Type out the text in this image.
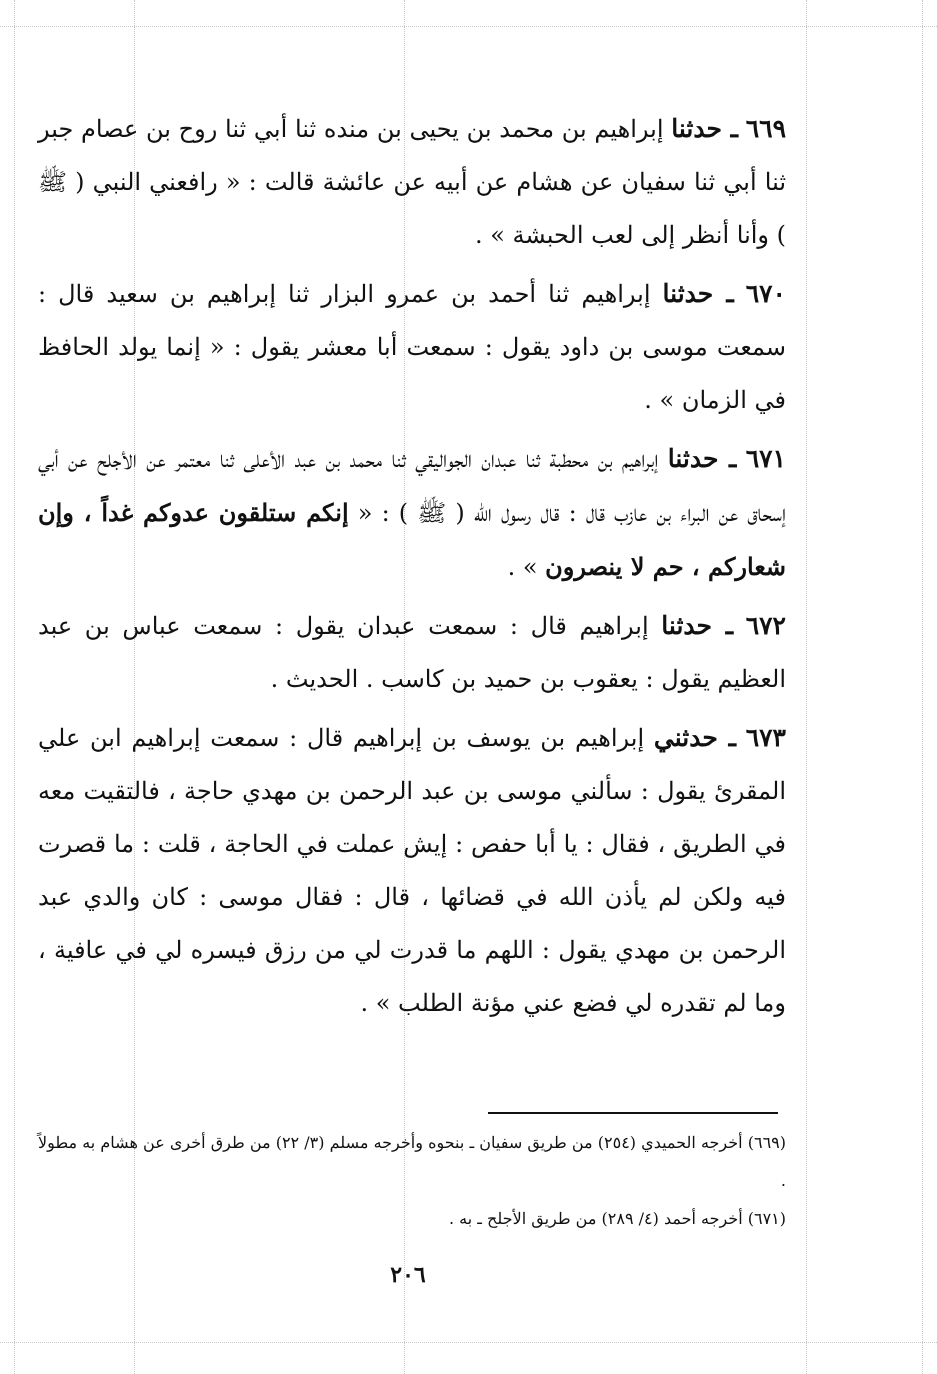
٦٦٩ ـ حدثنا إبراهيم بن محمد بن يحيى بن منده ثنا أبي ثنا روح بن عصام جبر ثنا أبي ثنا سفيان عن هشام عن أبيه عن عائشة قالت : « رافعني النبي ( ﷺ ) وأنا أنظر إلى لعب الحبشة » .

٦٧٠ ـ حدثنا إبراهيم ثنا أحمد بن عمرو البزار ثنا إبراهيم بن سعيد قال : سمعت موسى بن داود يقول : سمعت أبا معشر يقول : « إنما يولد الحافظ في الزمان » .

٦٧١ ـ حدثنا إبراهيم بن محطبة ثنا عبدان الجواليقي ثنا محمد بن عبد الأعلى ثنا معتمر عن الأجلح عن أبي إسحاق عن البراء بن عازب قال : قال رسول الله ( ﷺ ) : « إنكم ستلقون عدوكم غداً ، وإن شعاركم ، حم لا ينصرون » .

٦٧٢ ـ حدثنا إبراهيم قال : سمعت عبدان يقول : سمعت عباس بن عبد العظيم يقول : يعقوب بن حميد بن كاسب . الحديث .

٦٧٣ ـ حدثني إبراهيم بن يوسف بن إبراهيم قال : سمعت إبراهيم ابن علي المقرئ يقول : سألني موسى بن عبد الرحمن بن مهدي حاجة ، فالتقيت معه في الطريق ، فقال : يا أبا حفص : إيش عملت في الحاجة ، قلت : ما قصرت فيه ولكن لم يأذن الله في قضائها ، قال : فقال موسى : كان والدي عبد الرحمن بن مهدي يقول : اللهم ما قدرت لي من رزق فيسره لي في عافية ، وما لم تقدره لي فضع عني مؤنة الطلب » .

(٦٦٩) أخرجه الحميدي (٢٥٤) من طريق سفيان ـ بنحوه وأخرجه مسلم (٣/ ٢٢) من طرق أخرى عن هشام به مطولاً .

(٦٧١) أخرجه أحمد (٤/ ٢٨٩) من طريق الأجلح ـ به .

٢٠٦
